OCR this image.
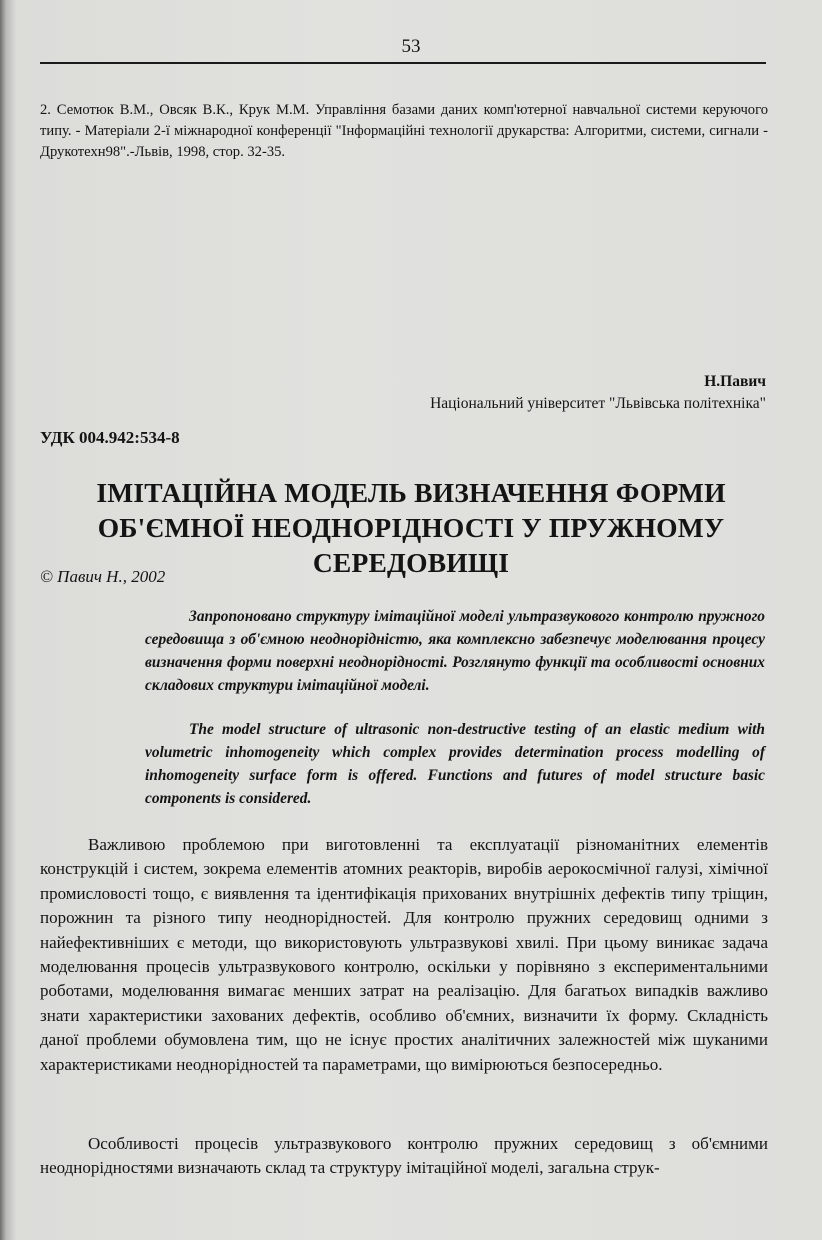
53
2. Семотюк В.М., Овсяк В.К., Крук М.М. Управління базами даних комп'ютерної навчальної системи керуючого типу. - Матеріали 2-ї міжнародної конференції "Інформаційні технології друкарства: Алгоритми, системи, сигнали - Друкотехн98".-Львів, 1998, стор. 32-35.
Н.Павич
Національний університет "Львівська політехніка"
УДК 004.942:534-8
ІМІТАЦІЙНА МОДЕЛЬ ВИЗНАЧЕННЯ ФОРМИ ОБ'ЄМНОЇ НЕОДНОРІДНОСТІ У ПРУЖНОМУ СЕРЕДОВИЩІ
© Павич Н., 2002
Запропоновано структуру імітаційної моделі ультразвукового контролю пружного середовища з об'ємною неоднорідністю, яка комплексно забезпечує моделювання процесу визначення форми поверхні неоднорідності. Розглянуто функції та особливості основних складових структури імітаційної моделі.
The model structure of ultrasonic non-destructive testing of an elastic medium with volumetric inhomogeneity which complex provides determination process modelling of inhomogeneity surface form is offered. Functions and futures of model structure basic components is considered.
Важливою проблемою при виготовленні та експлуатації різноманітних елементів конструкцій і систем, зокрема елементів атомних реакторів, виробів аерокосмічної галузі, хімічної промисловості тощо, є виявлення та ідентифікація прихованих внутрішніх дефектів типу тріщин, порожнин та різного типу неоднорідностей. Для контролю пружних середовищ одними з найефективніших є методи, що використовують ультразвукові хвилі. При цьому виникає задача моделювання процесів ультразвукового контролю, оскільки у порівняно з експериментальними роботами, моделювання вимагає менших затрат на реалізацію. Для багатьох випадків важливо знати характеристики захованих дефектів, особливо об'ємних, визначити їх форму. Складність даної проблеми обумовлена тим, що не існує простих аналітичних залежностей між шуканими характеристиками неоднорідностей та параметрами, що вимірюються безпосередньо.
Особливості процесів ультразвукового контролю пружних середовищ з об'ємними неоднорідностями визначають склад та структуру імітаційної моделі, загальна струк-
